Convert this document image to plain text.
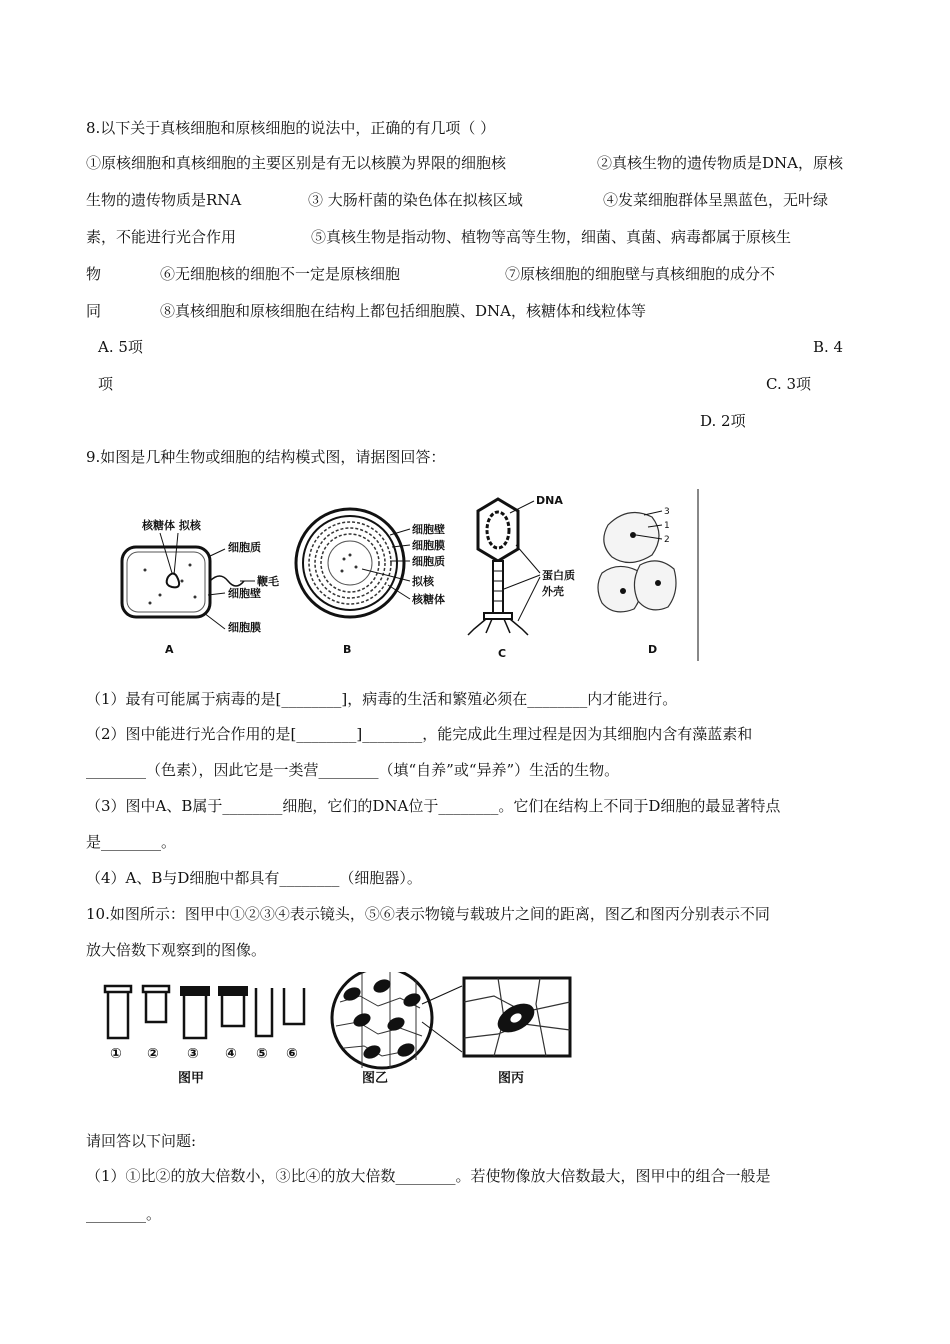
8.以下关于真核细胞和原核细胞的说法中，正确的有几项（ ）
①原核细胞和真核细胞的主要区别是有无以核膜为界限的细胞核	②真核生物的遗传物质是DNA，原核
生物的遗传物质是RNA	③ 大肠杆菌的染色体在拟核区域	④发菜细胞群体呈黑蓝色，无叶绿
素，不能进行光合作用	⑤真核生物是指动物、植物等高等生物，细菌、真菌、病毒都属于原核生
物	⑥无细胞核的细胞不一定是原核细胞	⑦原核细胞的细胞壁与真核细胞的成分不
同	⑧真核细胞和原核细胞在结构上都包括细胞膜、DNA，核糖体和线粒体等
A. 5项	B. 4
项	C. 3项
D. 2项
9.如图是几种生物或细胞的结构模式图，请据图回答：
核糖体 拟核
细胞质
鞭毛
细胞壁
细胞膜
A
细胞壁
细胞膜
细胞质
拟核
核糖体
B
DNA
蛋白质
外壳
C
3
1
2
D
（1）最有可能属于病毒的是[________]，病毒的生活和繁殖必须在________内才能进行。
（2）图中能进行光合作用的是[________]________，能完成此生理过程是因为其细胞内含有藻蓝素和
________（色素），因此它是一类营________（填“自养”或“异养”）生活的生物。
（3）图中A、B属于________细胞，它们的DNA位于________。它们在结构上不同于D细胞的最显著特点
是________。
（4）A、B与D细胞中都具有________（细胞器）。
10.如图所示：图甲中①②③④表示镜头，⑤⑥表示物镜与载玻片之间的距离，图乙和图丙分别表示不同
放大倍数下观察到的图像。
① ② ③ ④ ⑤ ⑥
图甲	图乙	图丙
请回答以下问题:
（1）①比②的放大倍数小，③比④的放大倍数________。若使物像放大倍数最大，图甲中的组合一般是
________。
